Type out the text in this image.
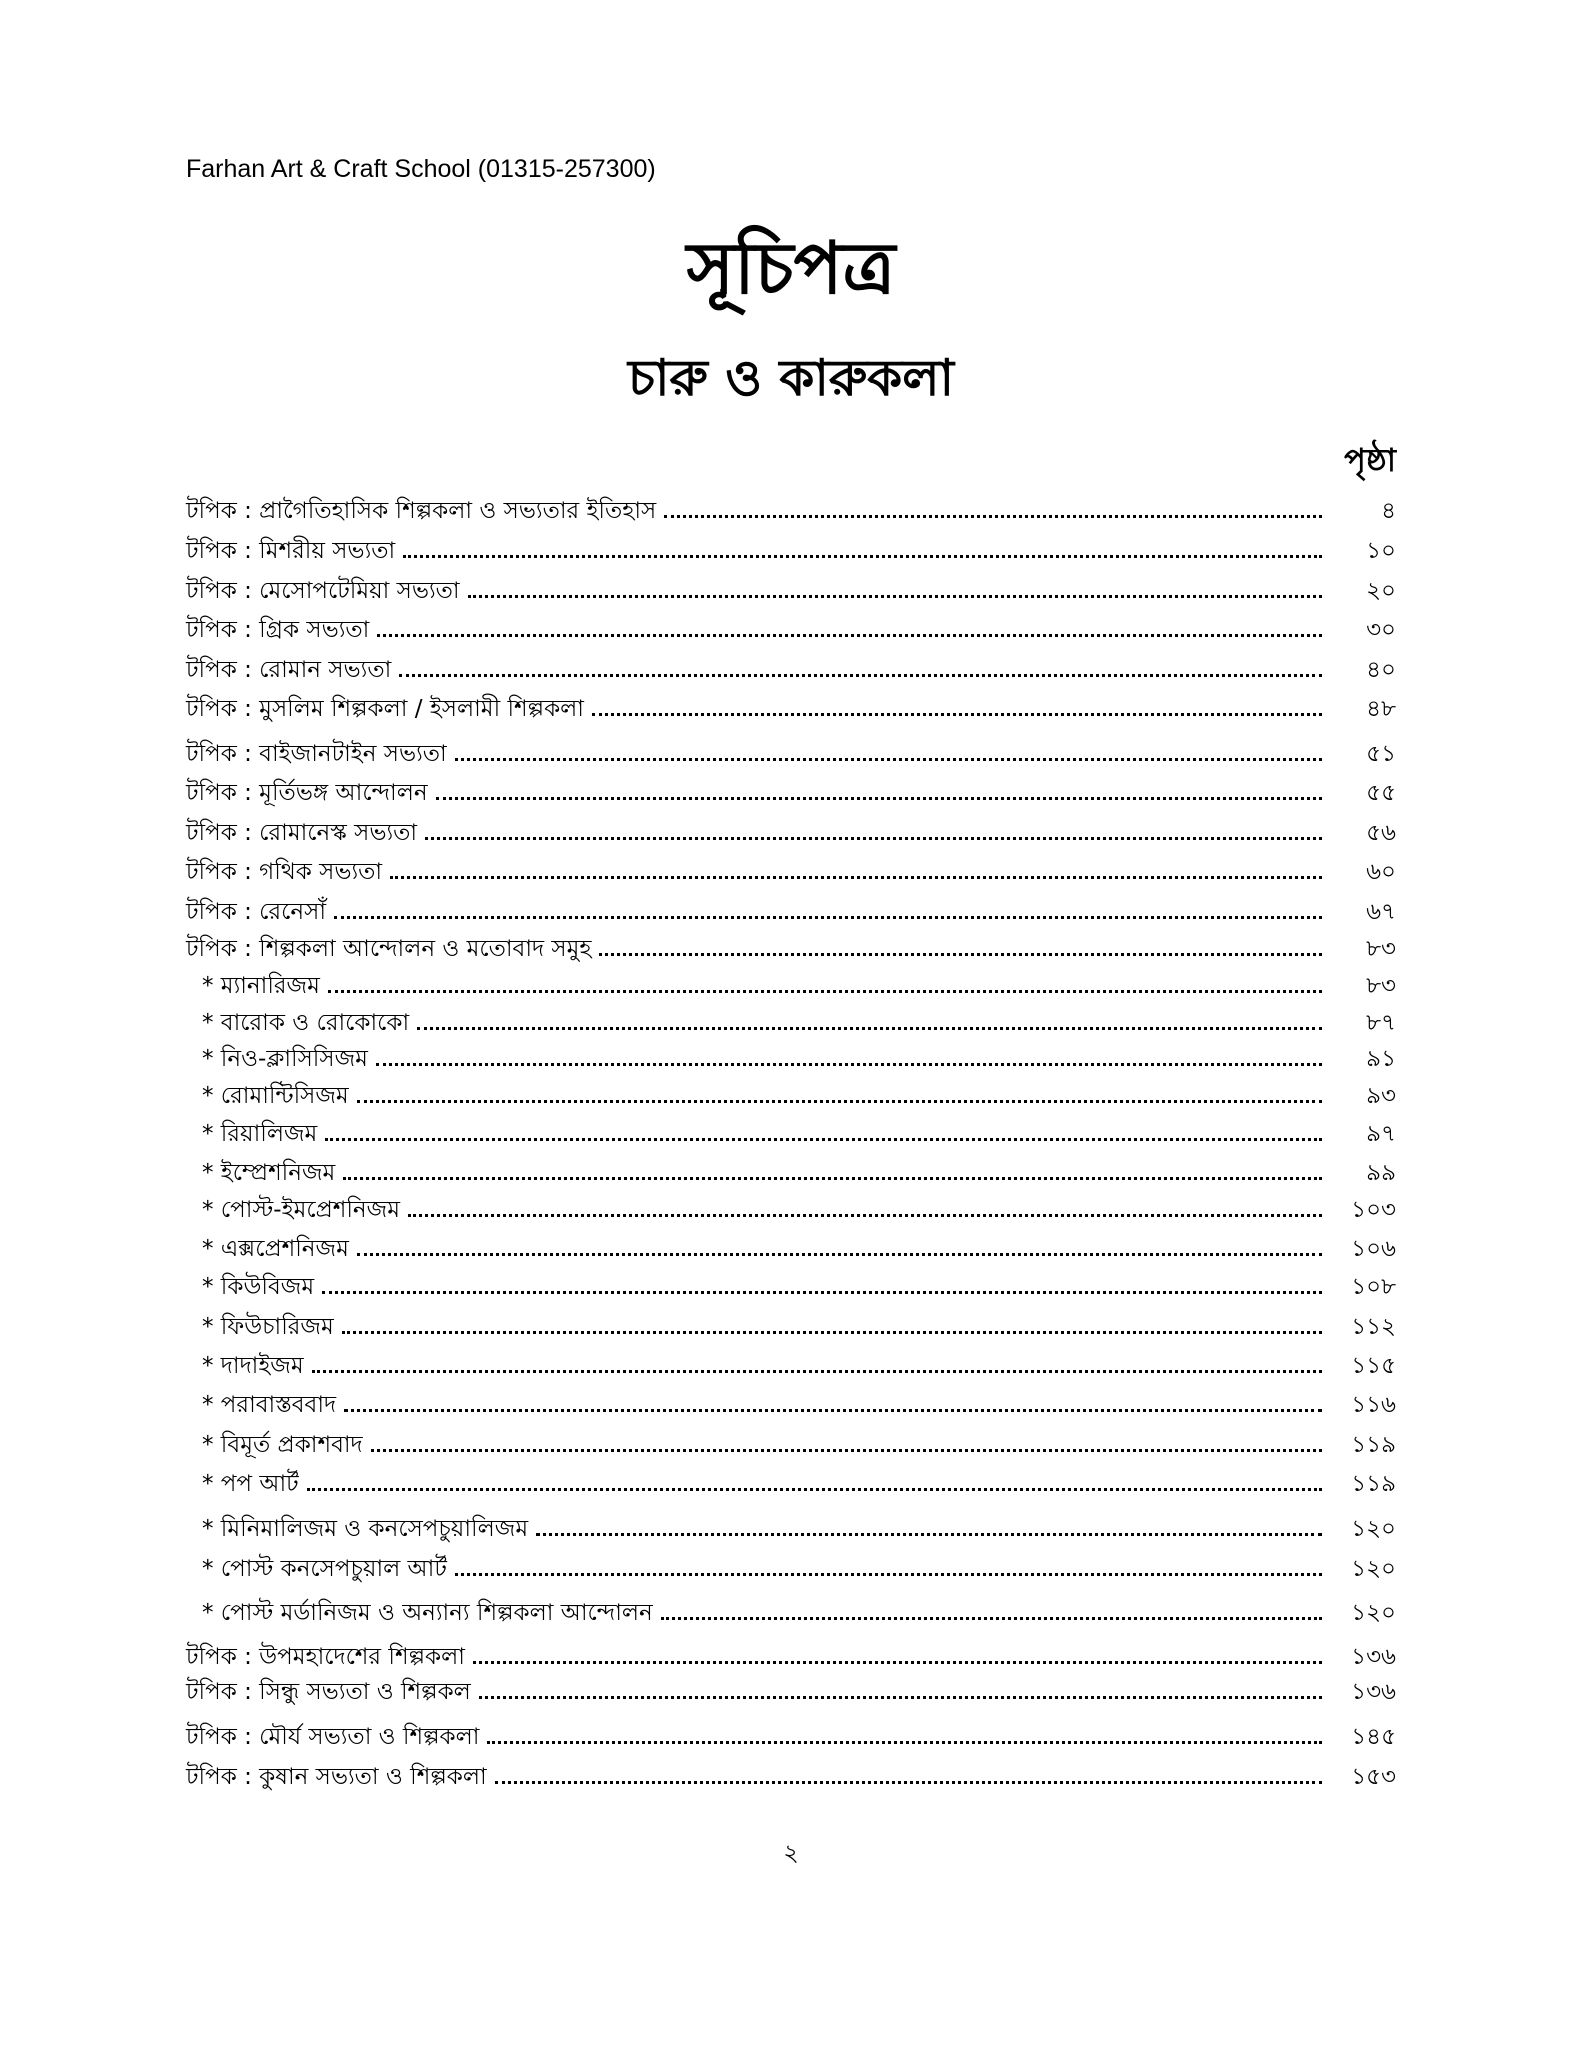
Farhan Art & Craft School (01315-257300)
সূচিপত্র
চারু ও কারুকলা
পৃষ্ঠা
টপিক : প্রাগৈতিহাসিক শিল্পকলা ও সভ্যতার ইতিহাস	৪
টপিক : মিশরীয় সভ্যতা	১০
টপিক : মেসোপটেমিয়া সভ্যতা	২০
টপিক : গ্রিক সভ্যতা	৩০
টপিক : রোমান সভ্যতা	৪০
টপিক : মুসলিম শিল্পকলা / ইসলামী শিল্পকলা	৪৮
টপিক : বাইজানটাইন সভ্যতা	৫১
টপিক : মূর্তিভঙ্গ আন্দোলন	৫৫
টপিক : রোমানেস্ক সভ্যতা	৫৬
টপিক : গথিক সভ্যতা	৬০
টপিক : রেনেসাঁ	৬৭
টপিক : শিল্পকলা আন্দোলন ও মতোবাদ সমুহ	৮৩
* ম্যানারিজম	৮৩
* বারোক ও রোকোকো	৮৭
* নিও-ক্লাসিসিজম	৯১
* রোমান্টিসিজম	৯৩
* রিয়ালিজম	৯৭
* ইম্প্রেশনিজম	৯৯
* পোস্ট-ইমপ্রেশনিজম	১০৩
* এক্সপ্রেশনিজম	১০৬
* কিউবিজম	১০৮
* ফিউচারিজম	১১২
* দাদাইজম	১১৫
* পরাবাস্তববাদ	১১৬
* বিমূর্ত প্রকাশবাদ	১১৯
* পপ আর্ট	১১৯
* মিনিমালিজম ও কনসেপচুয়ালিজম	১২০
* পোস্ট কনসেপচুয়াল আর্ট	১২০
* পোস্ট মর্ডানিজম ও অন্যান্য শিল্পকলা আন্দোলন	১২০
টপিক : উপমহাদেশের শিল্পকলা	১৩৬
টপিক : সিন্ধু সভ্যতা ও শিল্পকল	১৩৬
টপিক : মৌর্য সভ্যতা ও শিল্পকলা	১৪৫
টপিক : কুষান সভ্যতা ও শিল্পকলা	১৫৩
২
